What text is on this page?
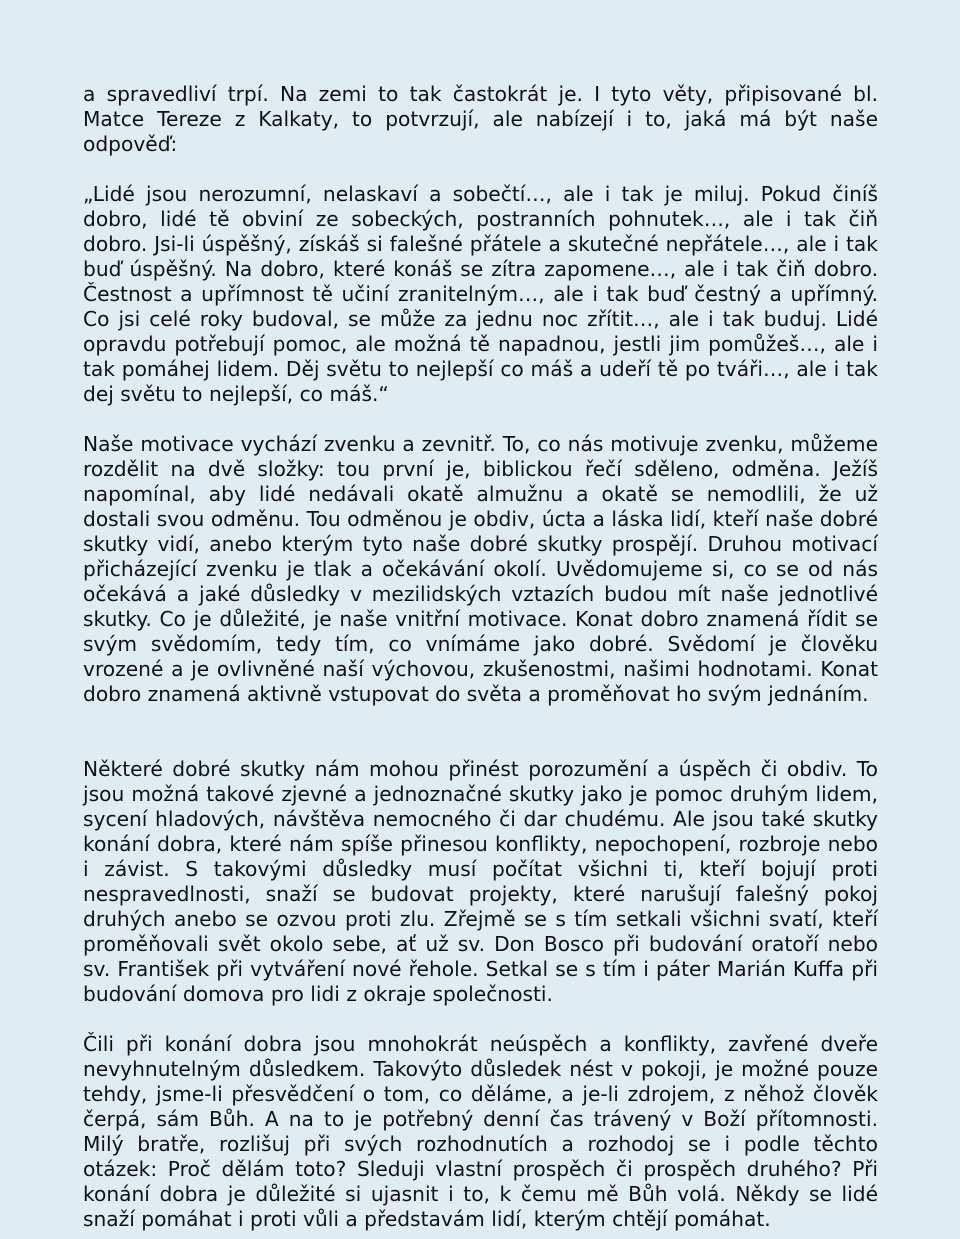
a spravedliví trpí. Na zemi to tak častokrát je. I tyto věty, připisované bl. Matce Tereze z Kalkaty, to potvrzují, ale nabízejí i to, jaká má být naše odpověď:

„Lidé jsou nerozumní, nelaskaví a sobečtí…, ale i tak je miluj. Pokud činíš dobro, lidé tě obviní ze sobeckých, postranních pohnutek…, ale i tak čiň dobro. Jsi-li úspěšný, získáš si falešné přátele a skutečné nepřátele…, ale i tak buď úspěšný. Na dobro, které konáš se zítra zapomene…, ale i tak čiň dobro. Čestnost a upřímnost tě učiní zranitelným…, ale i tak buď čestný a upřímný. Co jsi celé roky budoval, se může za jednu noc zřítit…, ale i tak buduj. Lidé opravdu potřebují pomoc, ale možná tě napadnou, jestli jim pomůžeš…, ale i tak pomáhej lidem. Děj světu to nejlepší co máš a udeří tě po tváři…, ale i tak dej světu to nejlepší, co máš.“

Naše motivace vychází zvenku a zevnitř. To, co nás motivuje zvenku, můžeme rozdělit na dvě složky: tou první je, biblickou řečí sděleno, odměna. Ježíš napomínal, aby lidé nedávali okatě almužnu a okatě se nemodlili, že už dostali svou odměnu. Tou odměnou je obdiv, úcta a láska lidí, kteří naše dobré skutky vidí, anebo kterým tyto naše dobré skutky prospějí. Druhou motivací přicházející zvenku je tlak a očekávání okolí. Uvědomujeme si, co se od nás očekává a jaké důsledky v mezilidských vztazích budou mít naše jednotlivé skutky. Co je důležité, je naše vnitřní motivace. Konat dobro znamená řídit se svým svědomím, tedy tím, co vnímáme jako dobré. Svědomí je člověku vrozené a je ovlivněné naší výchovou, zkušenostmi, našimi hodnotami. Konat dobro znamená aktivně vstupovat do světa a proměňovat ho svým jednáním.

Některé dobré skutky nám mohou přinést porozumění a úspěch či obdiv. To jsou možná takové zjevné a jednoznačné skutky jako je pomoc druhým lidem, sycení hladových, návštěva nemocného či dar chudému. Ale jsou také skutky konání dobra, které nám spíše přinesou konflikty, nepochopení, rozbroje nebo i závist. S takovými důsledky musí počítat všichni ti, kteří bojují proti nespravedlnosti, snaží se budovat projekty, které narušují falešný pokoj druhých anebo se ozvou proti zlu. Zřejmě se s tím setkali všichni svatí, kteří proměňovali svět okolo sebe, ať už sv. Don Bosco při budování oratoří nebo sv. František při vytváření nové řehole. Setkal se s tím i páter Marián Kuffa při budování domova pro lidi z okraje společnosti.

Čili při konání dobra jsou mnohokrát neúspěch a konflikty, zavřené dveře nevyhnutelným důsledkem. Takovýto důsledek nést v pokoji, je možné pouze tehdy, jsme-li přesvědčení o tom, co děláme, a je-li zdrojem, z něhož člověk čerpá, sám Bůh. A na to je potřebný denní čas trávený v Boží přítomnosti. Milý bratře, rozlišuj při svých rozhodnutích a rozhodoj se i podle těchto otázek: Proč dělám toto? Sleduji vlastní prospěch či prospěch druhého? Při konání dobra je důležité si ujasnit i to, k čemu mě Bůh volá. Někdy se lidé snaží pomáhat i proti vůli a představám lidí, kterým chtějí pomáhat.
